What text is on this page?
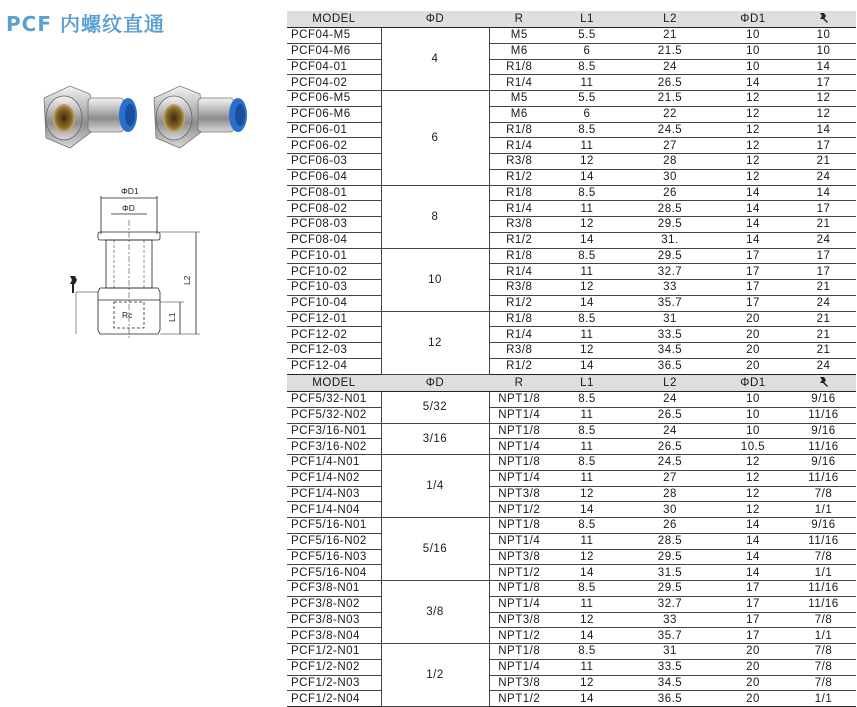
PCF 内螺纹直通
ΦD1
ΦD
Rc
L2
L1
MODEL	ΦD	R	L1	L2	ΦD1	
PCF04-M5	4	M5	5.5	21	10	10
PCF04-M6		M6	6	21.5	10	10
PCF04-01		R1/8	8.5	24	10	14
PCF04-02		R1/4	11	26.5	14	17
PCF06-M5	6	M5	5.5	21.5	12	12
PCF06-M6		M6	6	22	12	12
PCF06-01		R1/8	8.5	24.5	12	14
PCF06-02		R1/4	11	27	12	17
PCF06-03		R3/8	12	28	12	21
PCF06-04		R1/2	14	30	12	24
PCF08-01	8	R1/8	8.5	26	14	14
PCF08-02		R1/4	11	28.5	14	17
PCF08-03		R3/8	12	29.5	14	21
PCF08-04		R1/2	14	31.	14	24
PCF10-01	10	R1/8	8.5	29.5	17	17
PCF10-02		R1/4	11	32.7	17	17
PCF10-03		R3/8	12	33	17	21
PCF10-04		R1/2	14	35.7	17	24
PCF12-01	12	R1/8	8.5	31	20	21
PCF12-02		R1/4	11	33.5	20	21
PCF12-03		R3/8	12	34.5	20	21
PCF12-04		R1/2	14	36.5	20	24
MODEL	ΦD	R	L1	L2	ΦD1	
PCF5/32-N01	5/32	NPT1/8	8.5	24	10	9/16
PCF5/32-N02		NPT1/4	11	26.5	10	11/16
PCF3/16-N01	3/16	NPT1/8	8.5	24	10	9/16
PCF3/16-N02		NPT1/4	11	26.5	10.5	11/16
PCF1/4-N01	1/4	NPT1/8	8.5	24.5	12	9/16
PCF1/4-N02		NPT1/4	11	27	12	11/16
PCF1/4-N03		NPT3/8	12	28	12	7/8
PCF1/4-N04		NPT1/2	14	30	12	1/1
PCF5/16-N01	5/16	NPT1/8	8.5	26	14	9/16
PCF5/16-N02		NPT1/4	11	28.5	14	11/16
PCF5/16-N03		NPT3/8	12	29.5	14	7/8
PCF5/16-N04		NPT1/2	14	31.5	14	1/1
PCF3/8-N01	3/8	NPT1/8	8.5	29.5	17	11/16
PCF3/8-N02		NPT1/4	11	32.7	17	11/16
PCF3/8-N03		NPT3/8	12	33	17	7/8
PCF3/8-N04		NPT1/2	14	35.7	17	1/1
PCF1/2-N01	1/2	NPT1/8	8.5	31	20	7/8
PCF1/2-N02		NPT1/4	11	33.5	20	7/8
PCF1/2-N03		NPT3/8	12	34.5	20	7/8
PCF1/2-N04		NPT1/2	14	36.5	20	1/1
